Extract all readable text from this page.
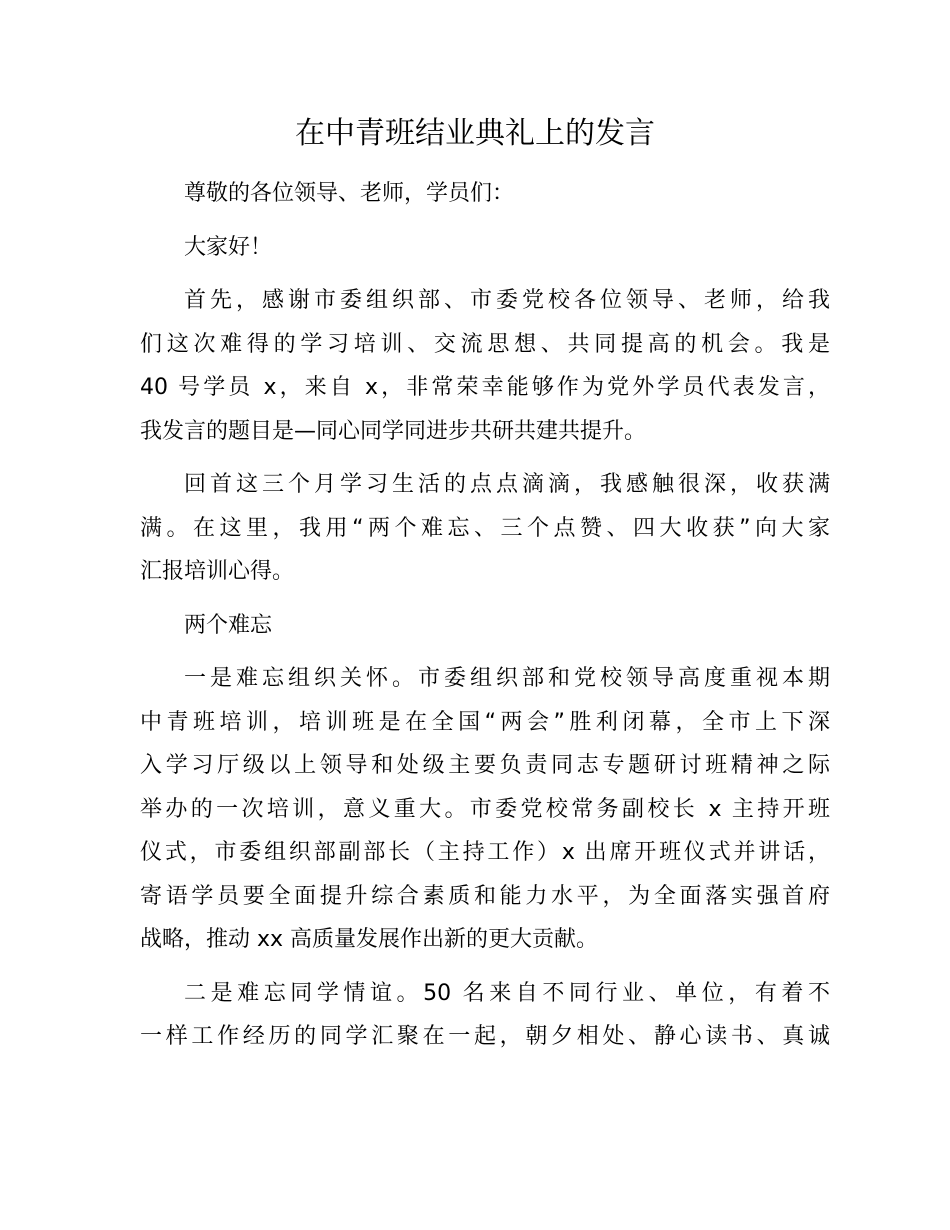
在中青班结业典礼上的发言

尊敬的各位领导、老师，学员们：

大家好！

首先，感谢市委组织部、市委党校各位领导、老师，给我
们这次难得的学习培训、交流思想、共同提高的机会。我是
40 号学员 x，来自 x，非常荣幸能够作为党外学员代表发言，
我发言的题目是—同心同学同进步共研共建共提升。

回首这三个月学习生活的点点滴滴，我感触很深，收获满
满。在这里，我用“两个难忘、三个点赞、四大收获”向大家
汇报培训心得。

两个难忘

一是难忘组织关怀。市委组织部和党校领导高度重视本期
中青班培训，培训班是在全国“两会”胜利闭幕，全市上下深
入学习厅级以上领导和处级主要负责同志专题研讨班精神之际
举办的一次培训，意义重大。市委党校常务副校长 x 主持开班
仪式，市委组织部副部长（主持工作）x 出席开班仪式并讲话，
寄语学员要全面提升综合素质和能力水平，为全面落实强首府
战略，推动 xx 高质量发展作出新的更大贡献。

二是难忘同学情谊。50 名来自不同行业、单位，有着不
一样工作经历的同学汇聚在一起，朝夕相处、静心读书、真诚
